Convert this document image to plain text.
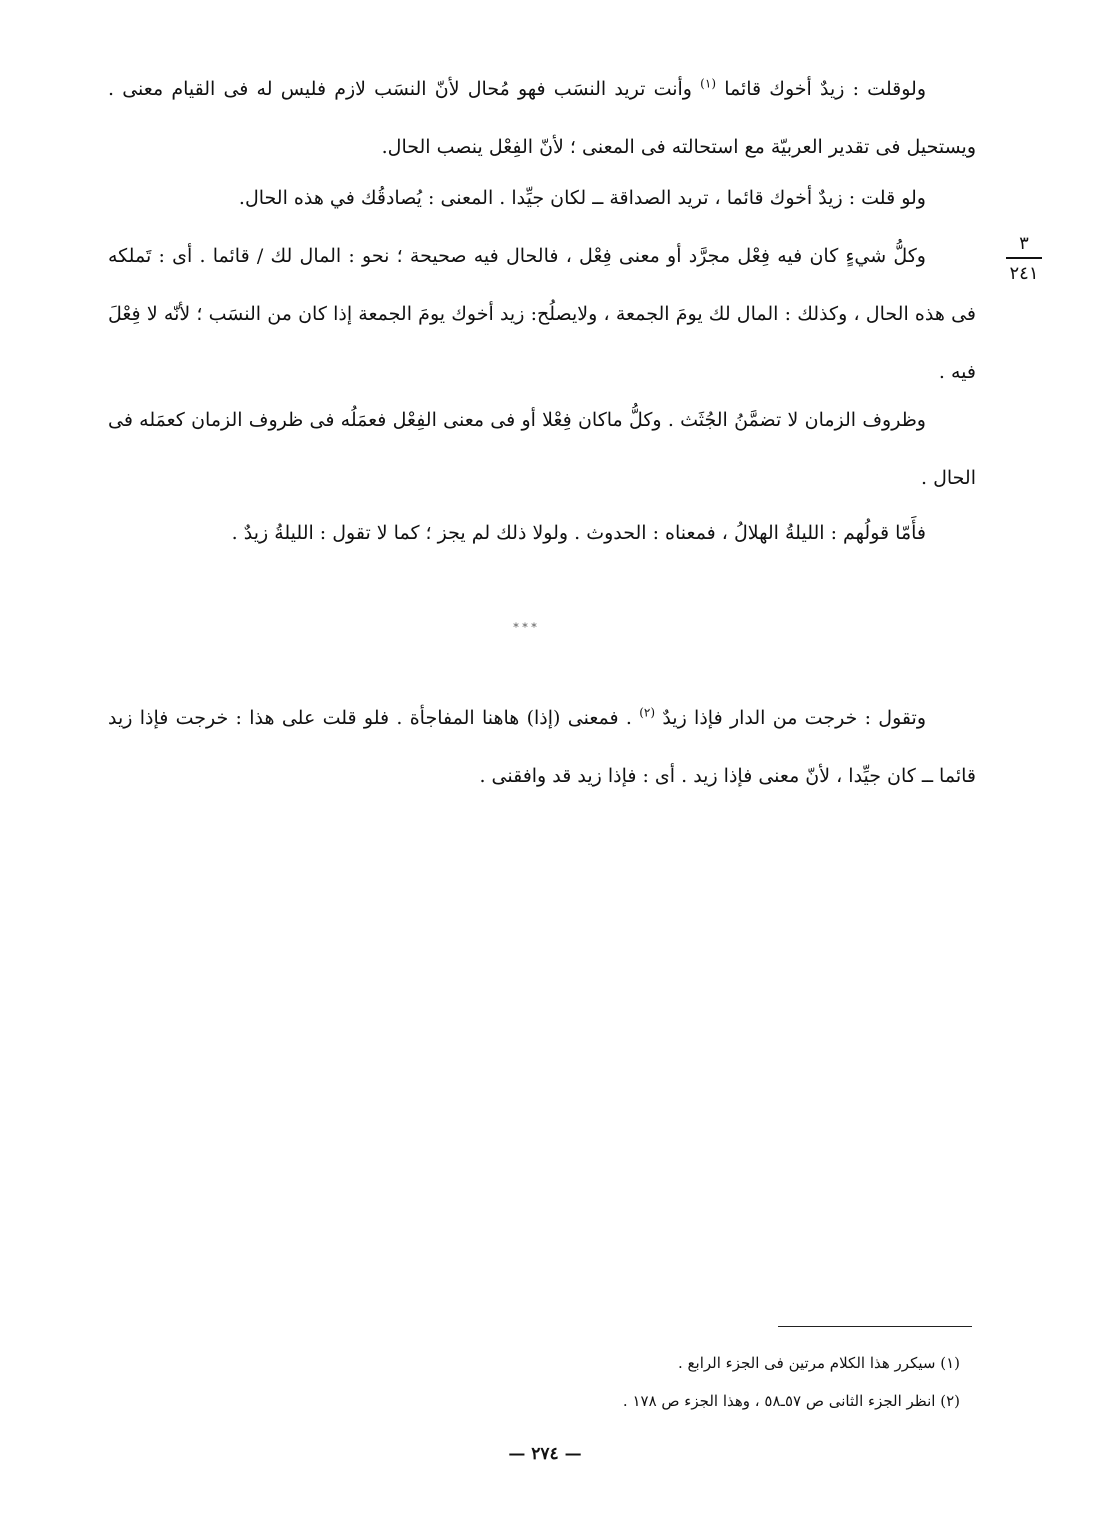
٣
٢٤١

ولوقلت : زيدٌ أخوك قائما $^{(١)}$ وأنت تريد النسَب فهو مُحال لأنّ النسَب لازم فليس له فى القيام معنى . ويستحيل فى تقدير العربيّة مع استحالته فى المعنى ؛ لأنّ الفِعْل ينصب الحال.

ولو قلت : زيدٌ أخوك قائما ، تريد الصداقة ــ لكان جيِّدا . المعنى : يُصادقُك في هذه الحال.

وكلُّ شيءٍ كان فيه فِعْل مجرَّد أو معنى فِعْل ، فالحال فيه صحيحة ؛ نحو : المال لك / قائما . أى : تَملكه فى هذه الحال ، وكذلك : المال لك يومَ الجمعة ، ولايصلُح: زيد أخوك يومَ الجمعة إذا كان من النسَب ؛ لأنّه لا فِعْلَ فيه .

وظروف الزمان لا تضمَّنُ الجُثَث . وكلُّ ماكان فِعْلا أو فى معنى الفِعْل فعمَلُه فى ظروف الزمان كعمَله فى الحال .

فأَمّا قولُهم : الليلةُ الهلالُ ، فمعناه : الحدوث . ولولا ذلك لم يجز ؛ كما لا تقول : الليلةُ زيدٌ .

* * *

وتقول : خرجت من الدار فإذا زيدٌ $^{(٢)}$ . فمعنى (إذا) هاهنا المفاجأة . فلو قلت على هذا : خرجت فإذا زيد قائما ــ كان جيِّدا ، لأنّ معنى فإذا زيد . أى : فإذا زيد قد وافقنى .

(١) سيكرر هذا الكلام مرتين فى الجزء الرابع .
(٢) انظر الجزء الثانى ص ٥٧ـ٥٨ ، وهذا الجزء ص ١٧٨ .
— ٢٧٤ —
